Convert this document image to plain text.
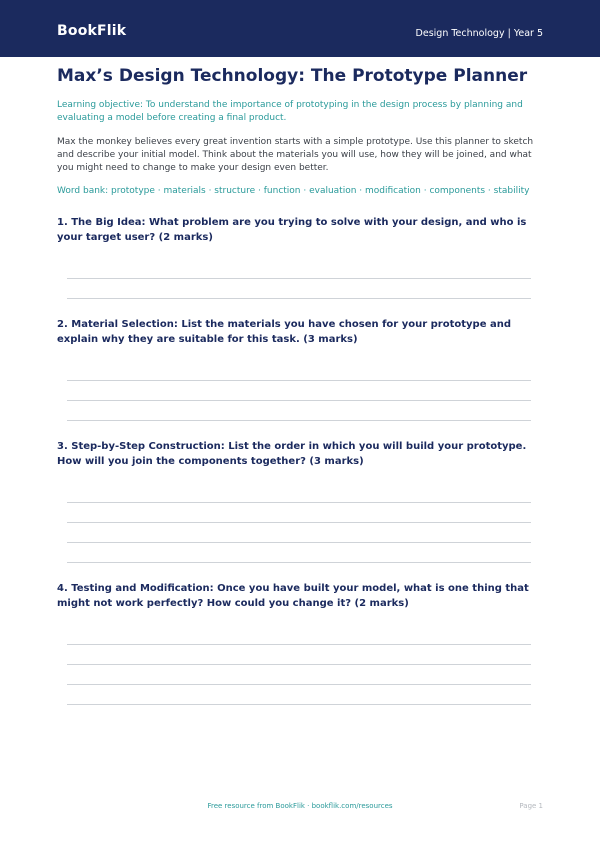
BookFlik	Design Technology | Year 5
Max’s Design Technology: The Prototype Planner
Learning objective: To understand the importance of prototyping in the design process by planning and evaluating a model before creating a final product.
Max the monkey believes every great invention starts with a simple prototype. Use this planner to sketch and describe your initial model. Think about the materials you will use, how they will be joined, and what you might need to change to make your design even better.
Word bank: prototype · materials · structure · function · evaluation · modification · components · stability
1. The Big Idea: What problem are you trying to solve with your design, and who is your target user? (2 marks)
2. Material Selection: List the materials you have chosen for your prototype and explain why they are suitable for this task. (3 marks)
3. Step-by-Step Construction: List the order in which you will build your prototype. How will you join the components together? (3 marks)
4. Testing and Modification: Once you have built your model, what is one thing that might not work perfectly? How could you change it? (2 marks)
Free resource from BookFlik · bookflik.com/resources	Page 1
